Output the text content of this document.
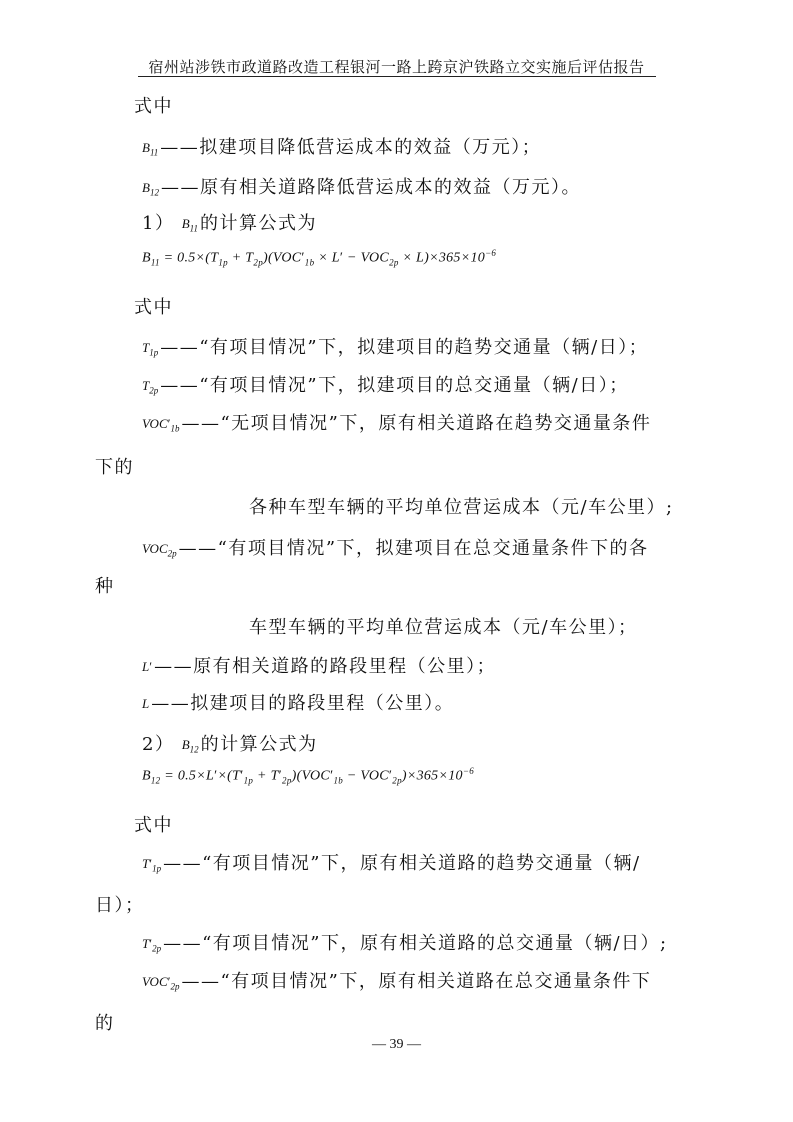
宿州站涉铁市政道路改造工程银河一路上跨京沪铁路立交实施后评估报告
式中
$B_{11}$ ——拟建项目降低营运成本的效益（万元）；
$B_{12}$ ——原有相关道路降低营运成本的效益（万元）。
1） $B_{11}$ 的计算公式为
$B_{11} = 0.5\times(T_{1p} + T_{2p})(VOC'_{1b} \times L' - VOC_{2p} \times L)\times 365\times 10^{-6}$
式中
$T_{1p}$ ——“有项目情况”下，拟建项目的趋势交通量（辆/日）；
$T_{2p}$ ——“有项目情况”下，拟建项目的总交通量（辆/日）；
$VOC'_{1b}$ ——“无项目情况”下，原有相关道路在趋势交通量条件
下的
各种车型车辆的平均单位营运成本（元/车公里）;
$VOC_{2p}$ ——“有项目情况”下，拟建项目在总交通量条件下的各
种
车型车辆的平均单位营运成本（元/车公里）；
L′ ——原有相关道路的路段里程（公里）；
L ——拟建项目的路段里程（公里）。
2） $B_{12}$ 的计算公式为
$B_{12} = 0.5\times L'\times(T'_{1p} + T'_{2p})(VOC'_{1b} - VOC'_{2p})\times 365\times 10^{-6}$
式中
$T'_{1p}$ ——“有项目情况”下，原有相关道路的趋势交通量（辆/
日）；
$T'_{2p}$ ——“有项目情况”下，原有相关道路的总交通量（辆/日）;
$VOC'_{2p}$ ——“有项目情况”下，原有相关道路在总交通量条件下
的
— 39 —
